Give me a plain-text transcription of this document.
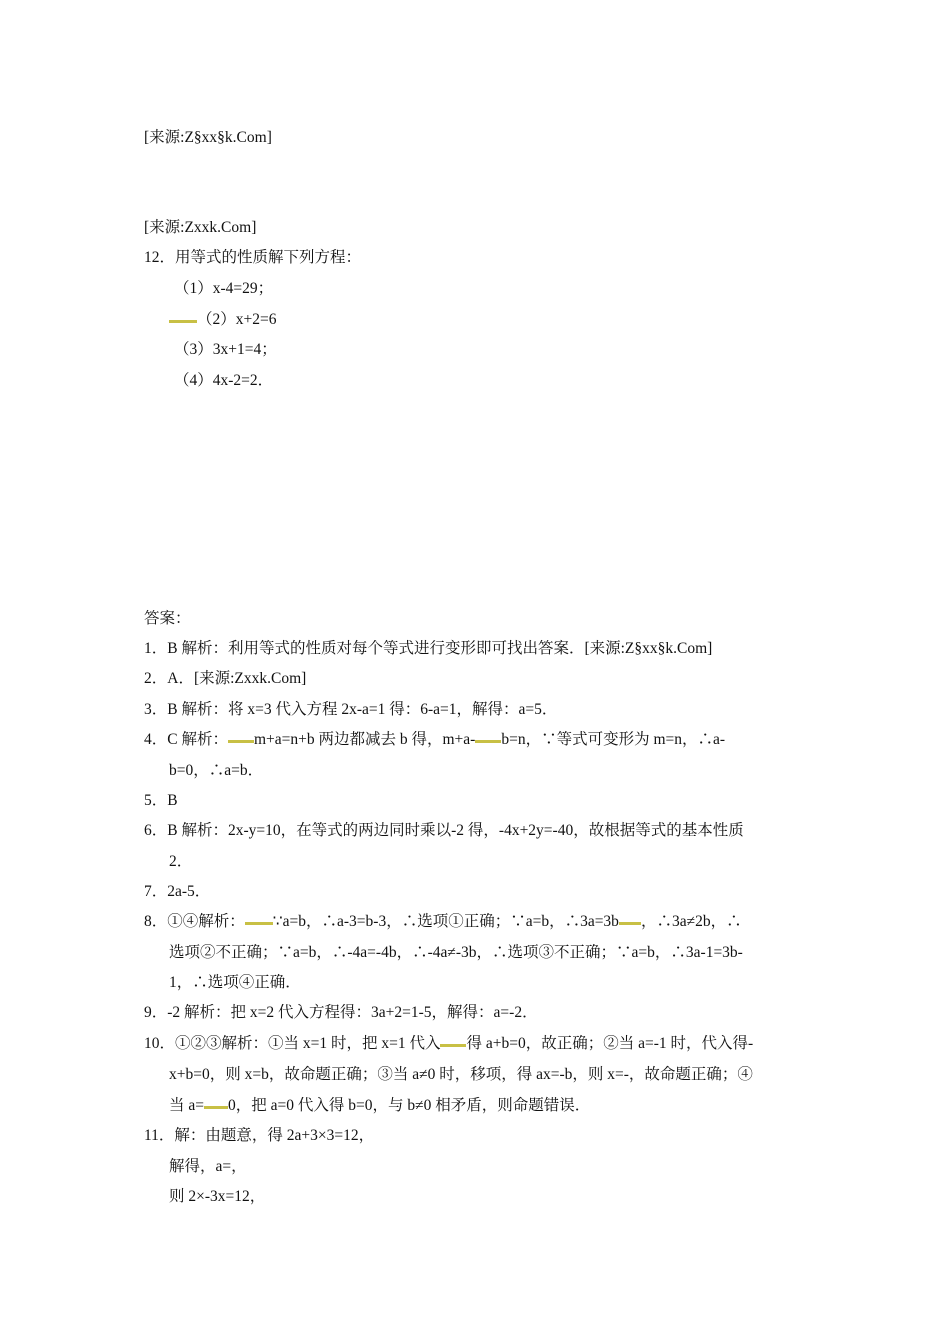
[来源:Z§xx§k.Com]
[来源:Zxxk.Com]
12．用等式的性质解下列方程：
（1）x-4=29；
（2）x+2=6
（3）3x+1=4；
（4）4x-2=2．
答案：
1．B 解析：利用等式的性质对每个等式进行变形即可找出答案．[来源:Z§xx§k.Com]
2．A．[来源:Zxxk.Com]
3．B 解析：将 x=3 代入方程 2x-a=1 得：6-a=1，解得：a=5．
4．C 解析： m+a=n+b 两边都减去 b 得，m+a- b=n，∵等式可变形为 m=n，∴a-
b=0，∴a=b．
5．B
6．B 解析：2x-y=10，在等式的两边同时乘以-2 得，-4x+2y=-40，故根据等式的基本性质
2．
7．2a-5．
8．①④解析： ∵a=b，∴a-3=b-3，∴选项①正确；∵a=b，∴3a=3b ，∴3a≠2b，∴
选项②不正确；∵a=b，∴-4a=-4b，∴-4a≠-3b，∴选项③不正确；∵a=b，∴3a-1=3b-
1，∴选项④正确．
9．-2 解析：把 x=2 代入方程得：3a+2=1-5，解得：a=-2．
10．①②③解析：①当 x=1 时，把 x=1 代入 得 a+b=0，故正确；②当 a=-1 时，代入得-
x+b=0，则 x=b，故命题正确；③当 a≠0 时，移项，得 ax=-b，则 x=-，故命题正确；④
当 a= 0，把 a=0 代入得 b=0，与 b≠0 相矛盾，则命题错误．
11．解：由题意，得 2a+3×3=12，
解得，a=，
则 2×-3x=12，
